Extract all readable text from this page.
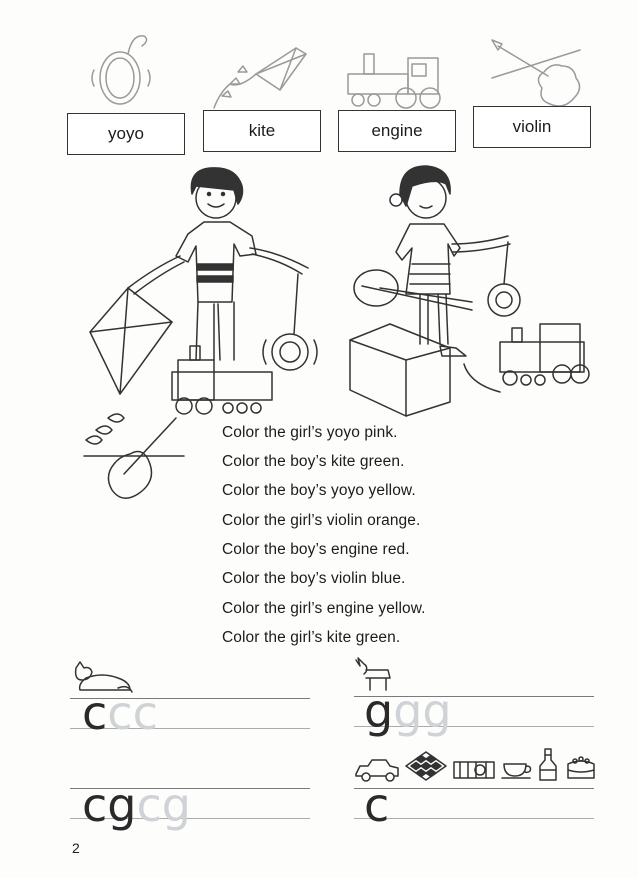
yoyo	kite	engine	violin
Color the girl’s yoyo pink.
Color the boy’s kite green.
Color the boy’s yoyo yellow.
Color the girl’s violin orange.
Color the boy’s engine red.
Color the boy’s violin blue.
Color the girl’s engine yellow.
Color the girl’s kite green.
ccc
cgcg
ggg
c
2
